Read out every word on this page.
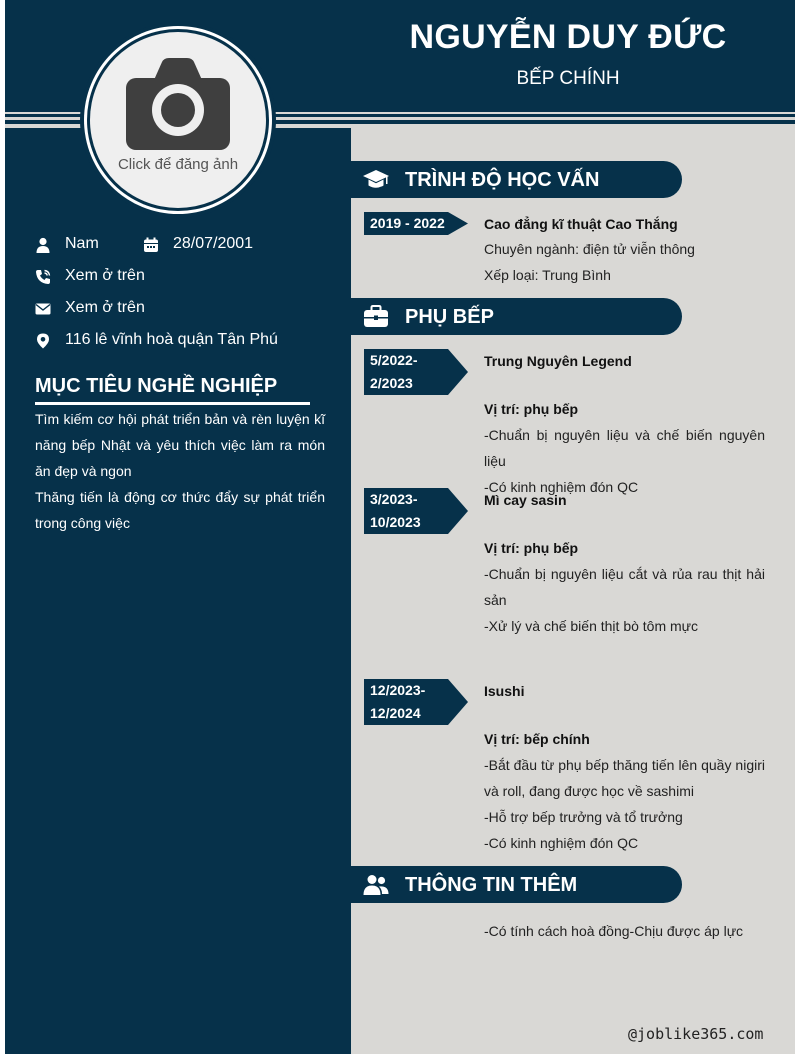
NGUYỄN DUY ĐỨC
BẾP CHÍNH
Click để đăng ảnh
Nam	28/07/2001
Xem ở trên
Xem ở trên
116 lê vĩnh hoà quận Tân Phú
MỤC TIÊU NGHỀ NGHIỆP

Tìm kiếm cơ hội phát triển bản và rèn luyện kĩ năng bếp Nhật và yêu thích việc làm ra món ăn đẹp và ngon

Thăng tiến là động cơ thức đẩy sự phát triển trong công việc

TRÌNH ĐỘ HỌC VẤN
2019 - 2022	Cao đẳng kĩ thuật Cao Thắng

Chuyên ngành: điện tử viễn thông

Xếp loại: Trung Bình

PHỤ BẾP
5/2022-
2/2023
Trung Nguyên Legend

Vị trí: phụ bếp

-Chuẩn bị nguyên liệu và chế biến nguyên liệu

-Có kinh nghiệm đón QC

3/2023-
10/2023
Mì cay sasin

Vị trí: phụ bếp

-Chuẩn bị nguyên liệu cắt và rủa rau thịt hải sản

-Xử lý và chế biến thịt bò tôm mực

12/2023-
12/2024
Isushi

Vị trí: bếp chính

-Bắt đầu từ phụ bếp thăng tiến lên quầy nigiri và roll, đang được học về sashimi

-Hỗ trợ bếp trưởng và tổ trưởng

-Có kinh nghiệm đón QC

THÔNG TIN THÊM

-Có tính cách hoà đồng-Chịu được áp lực

@joblike365.com
